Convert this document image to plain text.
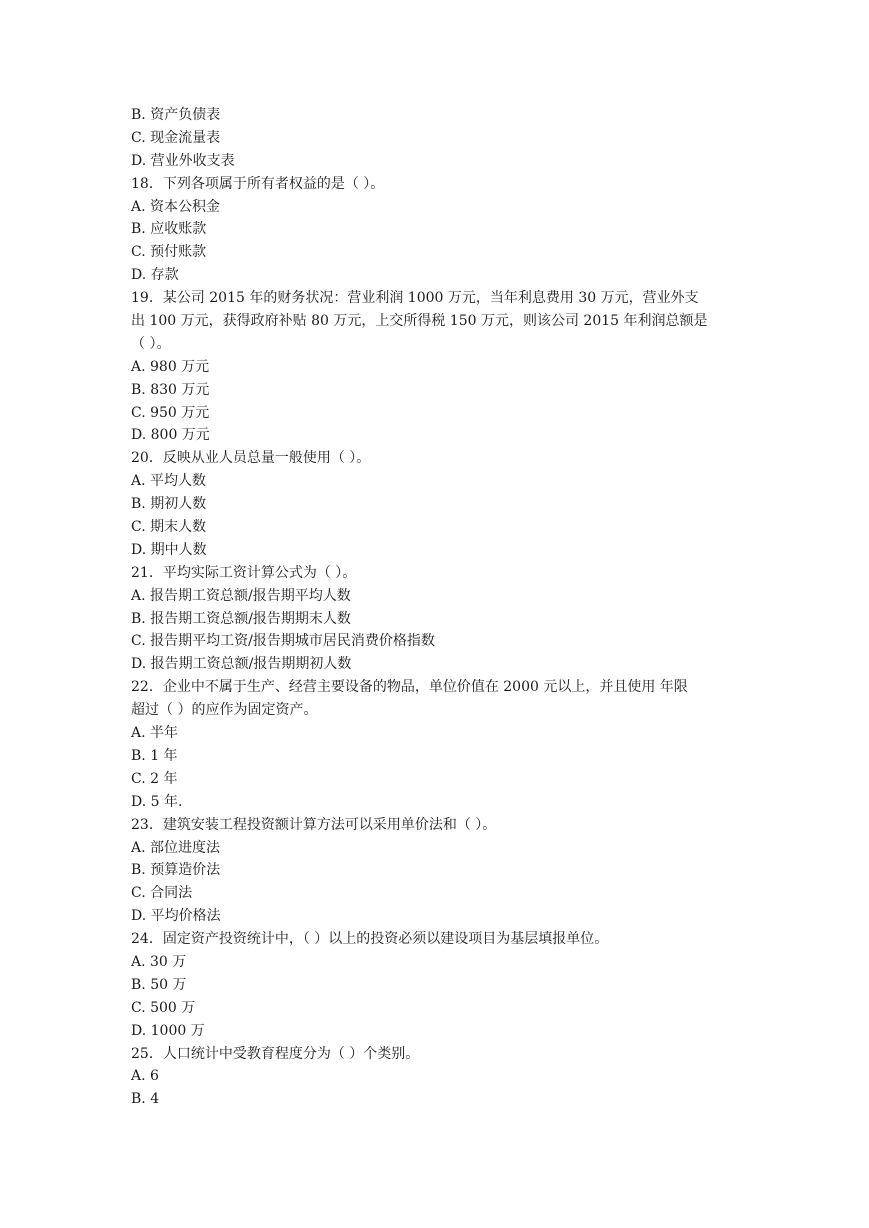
B. 资产负债表
C. 现金流量表
D. 营业外收支表
18．下列各项属于所有者权益的是（ ）。
A. 资本公积金
B. 应收账款
C. 预付账款
D. 存款
19．某公司 2015 年的财务状况：营业利润 1000 万元，当年利息费用 30 万元，营业外支
出 100 万元，获得政府补贴 80 万元，上交所得税 150 万元，则该公司 2015 年利润总额是
（ ）。
A. 980 万元
B. 830 万元
C. 950 万元
D. 800 万元
20．反映从业人员总量一般使用（ ）。
A. 平均人数
B. 期初人数
C. 期末人数
D. 期中人数
21．平均实际工资计算公式为（ ）。
A. 报告期工资总额/报告期平均人数
B. 报告期工资总额/报告期期末人数
C. 报告期平均工资/报告期城市居民消费价格指数
D. 报告期工资总额/报告期期初人数
22．企业中不属于生产、经营主要设备的物品，单位价值在 2000 元以上，并且使用 年限
超过（ ）的应作为固定资产。
A. 半年
B. 1 年
C. 2 年
D. 5 年.
23．建筑安装工程投资额计算方法可以采用单价法和（ ）。
A. 部位进度法
B. 预算造价法
C. 合同法
D. 平均价格法
24．固定资产投资统计中，（ ）以上的投资必须以建设项目为基层填报单位。
A. 30 万
B. 50 万
C. 500 万
D. 1000 万
25．人口统计中受教育程度分为（ ）个类别。
A. 6
B. 4
